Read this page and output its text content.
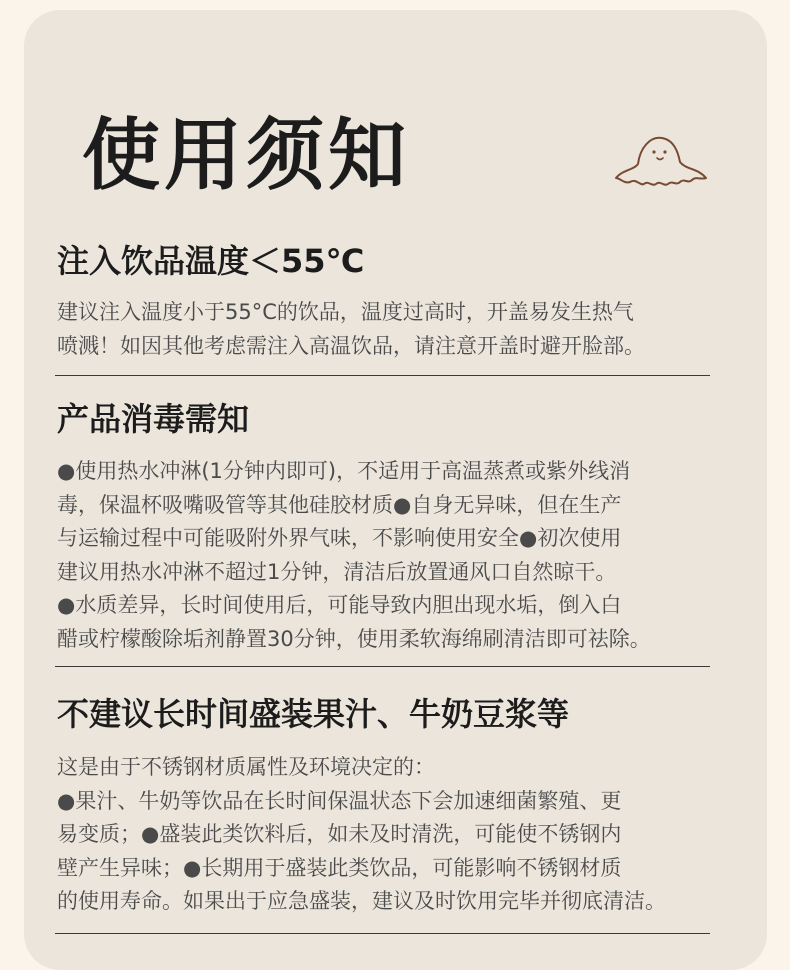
使用须知
注入饮品温度＜55℃
建议注入温度小于55°C的饮品，温度过高时，开盖易发生热气
喷溅！如因其他考虑需注入高温饮品，请注意开盖时避开脸部。
产品消毒需知
●使用热水冲淋(1分钟内即可)，不适用于高温蒸煮或紫外线消
毒，保温杯吸嘴吸管等其他硅胶材质●自身无异味，但在生产
与运输过程中可能吸附外界气味，不影响使用安全●初次使用
建议用热水冲淋不超过1分钟，清洁后放置通风口自然晾干。
●水质差异，长时间使用后，可能导致内胆出现水垢，倒入白
醋或柠檬酸除垢剂静置30分钟，使用柔软海绵刷清洁即可祛除。
不建议长时间盛装果汁、牛奶豆浆等
这是由于不锈钢材质属性及环境决定的：
●果汁、牛奶等饮品在长时间保温状态下会加速细菌繁殖、更
易变质；●盛装此类饮料后，如未及时清洗，可能使不锈钢内
壁产生异味；●长期用于盛装此类饮品，可能影响不锈钢材质
的使用寿命。如果出于应急盛装，建议及时饮用完毕并彻底清洁。
